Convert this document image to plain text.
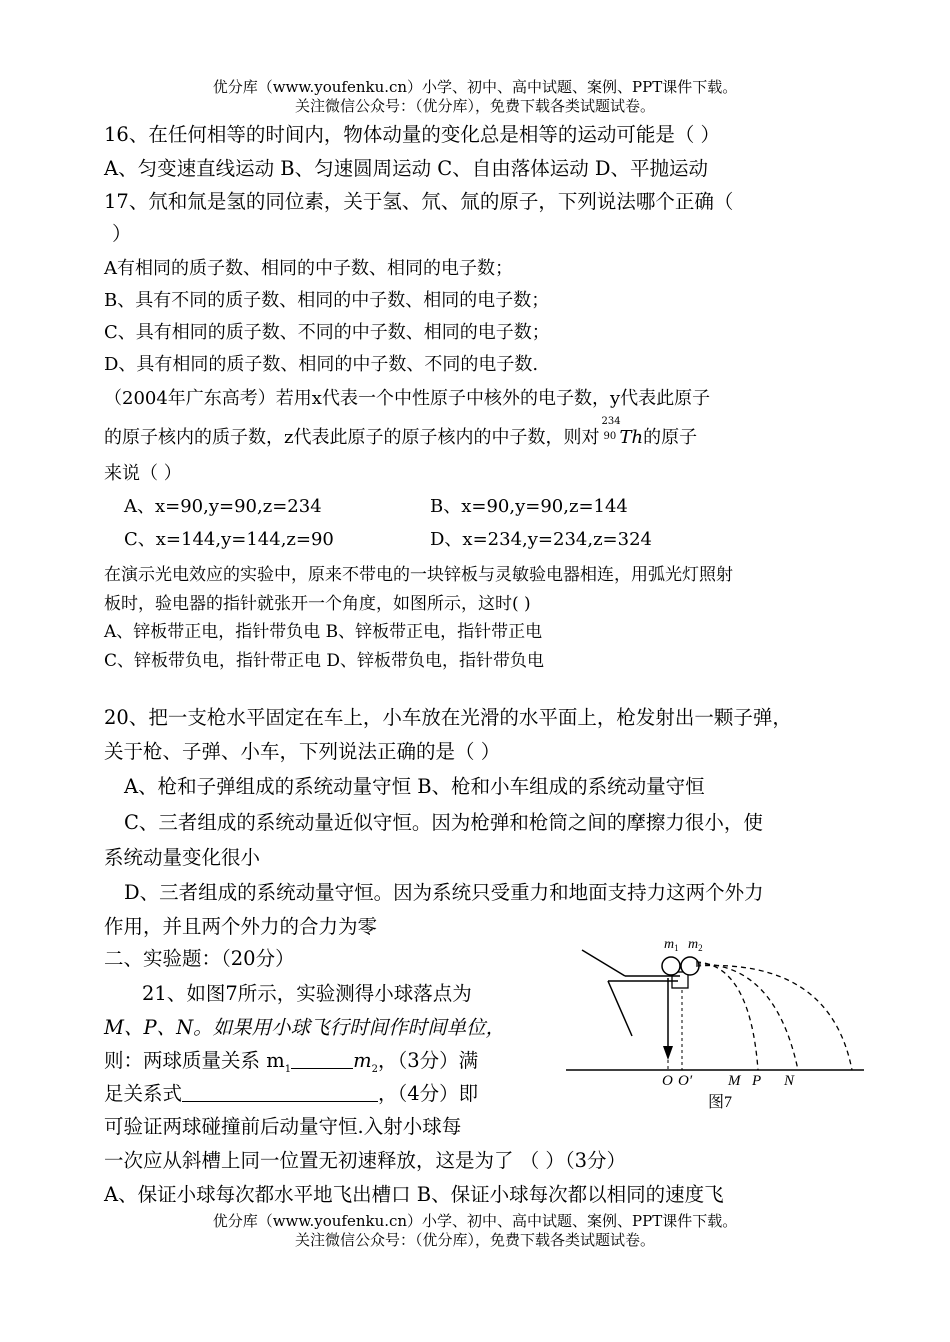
优分库（www.youfenku.cn）小学、初中、高中试题、案例、PPT课件下载。
关注微信公众号：（优分库），免费下载各类试题试卷。
16、在任何相等的时间内，物体动量的变化总是相等的运动可能是（ ）
A、匀变速直线运动 B、匀速圆周运动 C、自由落体运动 D、平抛运动
17、氘和氚是氢的同位素，关于氢、氘、氚的原子，下列说法哪个正确（
）
A有相同的质子数、相同的中子数、相同的电子数；
B、具有不同的质子数、相同的中子数、相同的电子数；
C、具有相同的质子数、不同的中子数、相同的电子数；
D、具有相同的质子数、相同的中子数、不同的电子数.
（2004年广东高考）若用x代表一个中性原子中核外的电子数，y代表此原子
的原子核内的质子数，z代表此原子的原子核内的中子数，则对
234
90 Th的原子
来说（ ）
A、x=90,y=90,z=234	B、x=90,y=90,z=144
C、x=144,y=144,z=90	D、x=234,y=234,z=324
在演示光电效应的实验中，原来不带电的一块锌板与灵敏验电器相连，用弧光灯照射
板时，验电器的指针就张开一个角度，如图所示，这时( )
A、锌板带正电，指针带负电 B、锌板带正电，指针带正电
C、锌板带负电，指针带正电 D、锌板带负电，指针带负电
20、把一支枪水平固定在车上，小车放在光滑的水平面上，枪发射出一颗子弹，
关于枪、子弹、小车，下列说法正确的是（ ）
A、枪和子弹组成的系统动量守恒 B、枪和小车组成的系统动量守恒
C、三者组成的系统动量近似守恒。因为枪弹和枪筒之间的摩擦力很小，使
系统动量变化很小
D、三者组成的系统动量守恒。因为系统只受重力和地面支持力这两个外力
作用，并且两个外力的合力为零
二、实验题：（20分）
21、如图7所示，实验测得小球落点为
M、P、N。如果用小球飞行时间作时间单位，
则：两球质量关系 $m_1$	$m_2$，（3分）满
足关系式	，（4分）即
可验证两球碰撞前后动量守恒.入射小球每
一次应从斜槽上同一位置无初速释放，这是为了 （ ）（3分）
A、保证小球每次都水平地飞出槽口 B、保证小球每次都以相同的速度飞
$m_1$ $m_2$
O O′ M P N
图7
优分库（www.youfenku.cn）小学、初中、高中试题、案例、PPT课件下载。
关注微信公众号：（优分库），免费下载各类试题试卷。
